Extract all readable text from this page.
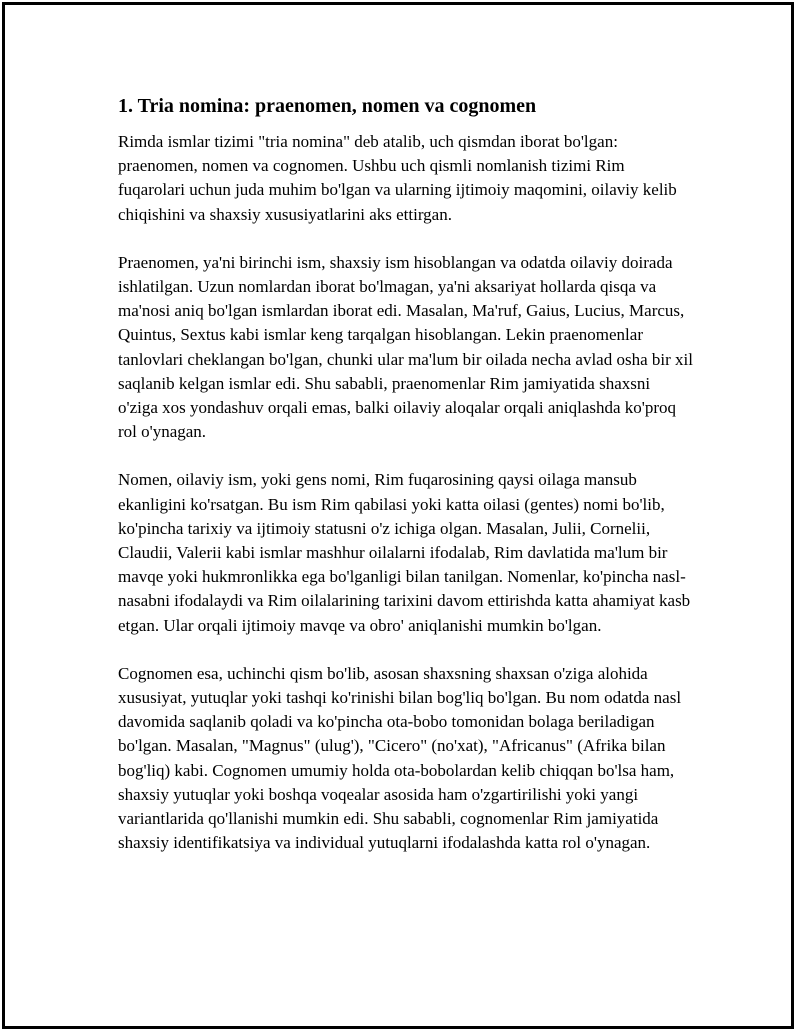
1. Tria nomina: praenomen, nomen va cognomen

Rimda ismlar tizimi "tria nomina" deb atalib, uch qismdan iborat bo'lgan: praenomen, nomen va cognomen. Ushbu uch qismli nomlanish tizimi Rim fuqarolari uchun juda muhim bo'lgan va ularning ijtimoiy maqomini, oilaviy kelib chiqishini va shaxsiy xususiyatlarini aks ettirgan.

Praenomen, ya'ni birinchi ism, shaxsiy ism hisoblangan va odatda oilaviy doirada ishlatilgan. Uzun nomlardan iborat bo'lmagan, ya'ni aksariyat hollarda qisqa va ma'nosi aniq bo'lgan ismlardan iborat edi. Masalan, Ma'ruf, Gaius, Lucius, Marcus, Quintus, Sextus kabi ismlar keng tarqalgan hisoblangan. Lekin praenomenlar tanlovlari cheklangan bo'lgan, chunki ular ma'lum bir oilada necha avlad osha bir xil saqlanib kelgan ismlar edi. Shu sababli, praenomenlar Rim jamiyatida shaxsni o'ziga xos yondashuv orqali emas, balki oilaviy aloqalar orqali aniqlashda ko'proq rol o'ynagan.

Nomen, oilaviy ism, yoki gens nomi, Rim fuqarosining qaysi oilaga mansub ekanligini ko'rsatgan. Bu ism Rim qabilasi yoki katta oilasi (gentes) nomi bo'lib, ko'pincha tarixiy va ijtimoiy statusni o'z ichiga olgan. Masalan, Julii, Cornelii, Claudii, Valerii kabi ismlar mashhur oilalarni ifodalab, Rim davlatida ma'lum bir mavqe yoki hukmronlikka ega bo'lganligi bilan tanilgan. Nomenlar, ko'pincha nasl-nasabni ifodalaydi va Rim oilalarining tarixini davom ettirishda katta ahamiyat kasb etgan. Ular orqali ijtimoiy mavqe va obro' aniqlanishi mumkin bo'lgan.

Cognomen esa, uchinchi qism bo'lib, asosan shaxsning shaxsan o'ziga alohida xususiyat, yutuqlar yoki tashqi ko'rinishi bilan bog'liq bo'lgan. Bu nom odatda nasl davomida saqlanib qoladi va ko'pincha ota-bobo tomonidan bolaga beriladigan bo'lgan. Masalan, "Magnus" (ulug'), "Cicero" (no'xat), "Africanus" (Afrika bilan bog'liq) kabi. Cognomen umumiy holda ota-bobolardan kelib chiqqan bo'lsa ham, shaxsiy yutuqlar yoki boshqa voqealar asosida ham o'zgartirilishi yoki yangi variantlarida qo'llanishi mumkin edi. Shu sababli, cognomenlar Rim jamiyatida shaxsiy identifikatsiya va individual yutuqlarni ifodalashda katta rol o'ynagan.
